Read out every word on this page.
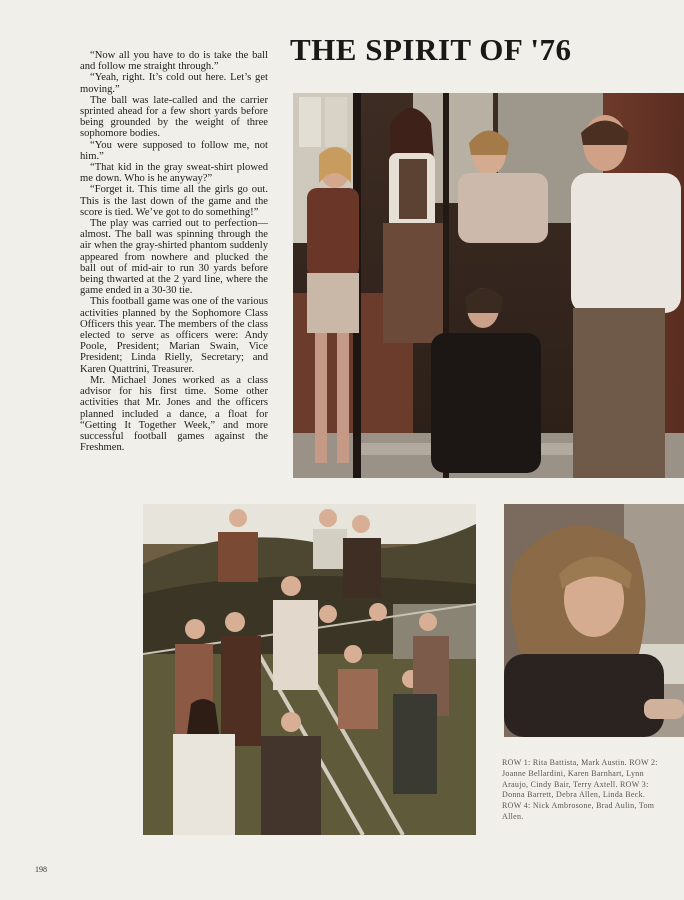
“Now all you have to do is take the ball and follow me straight through.”

“Yeah, right. It’s cold out here. Let’s get moving.”

The ball was late-called and the carrier sprinted ahead for a few short yards before being grounded by the weight of three sophomore bodies.

“You were supposed to follow me, not him.”

“That kid in the gray sweat-shirt plowed me down. Who is he anyway?”

“Forget it. This time all the girls go out. This is the last down of the game and the score is tied. We’ve got to do something!”

The play was carried out to perfection—almost. The ball was spinning through the air when the gray-shirted phantom suddenly appeared from nowhere and plucked the ball out of mid-air to run 30 yards before being thwarted at the 2 yard line, where the game ended in a 30-30 tie.

This football game was one of the various activities planned by the Sophomore Class Officers this year. The members of the class elected to serve as officers were: Andy Poole, President; Marian Swain, Vice President; Linda Rielly, Secretary; and Karen Quattrini, Treasurer.

Mr. Michael Jones worked as a class advisor for his first time. Some other activities that Mr. Jones and the officers planned included a dance, a float for “Getting It Together Week,” and more successful football games against the Freshmen.

THE SPIRIT OF '76
ROW 1: Rita Battista, Mark Austin. ROW 2:
Joanne Bellardini, Karen Barnhart, Lynn
Araujo, Cindy Bair, Terry Axtell. ROW 3:
Donna Barrett, Debra Allen, Linda Beck.
ROW 4: Nick Ambrosone, Brad Aulin, Tom
Allen.
198
